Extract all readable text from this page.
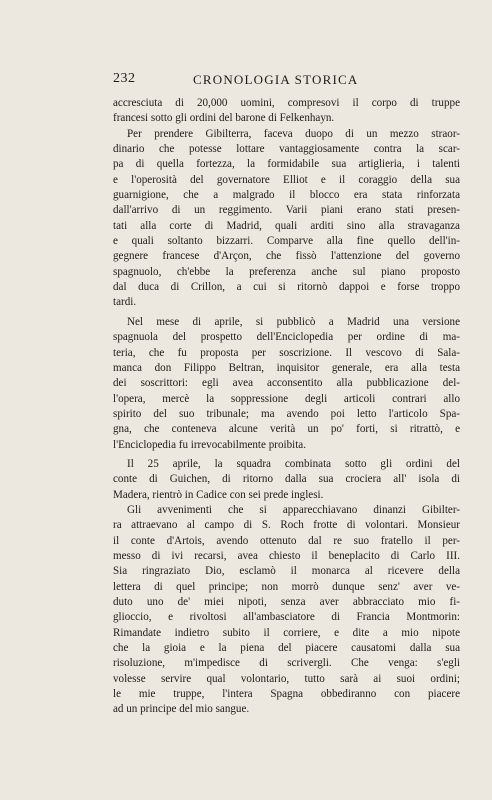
232	CRONOLOGIA STORICA
accresciuta di 20,000 uomini, compresovi il corpo di truppe
francesi sotto gli ordini del barone di Felkenhayn.
Per prendere Gibilterra, faceva duopo di un mezzo straor-
dinario che potesse lottare vantaggiosamente contra la scar-
pa di quella fortezza, la formidabile sua artiglieria, i talenti
e l'operosità del governatore Elliot e il coraggio della sua
guarnigione, che a malgrado il blocco era stata rinforzata
dall'arrivo di un reggimento. Varii piani erano stati presen-
tati alla corte di Madrid, quali arditi sino alla stravaganza
e quali soltanto bizzarri. Comparve alla fine quello dell'in-
gegnere francese d'Arçon, che fissò l'attenzione del governo
spagnuolo, ch'ebbe la preferenza anche sul piano proposto
dal duca di Crillon, a cui si ritornò dappoi e forse troppo
tardi.
Nel mese di aprile, si pubblicò a Madrid una versione
spagnuola del prospetto dell'Enciclopedia per ordine di ma-
teria, che fu proposta per soscrizione. Il vescovo di Sala-
manca don Filippo Beltran, inquisitor generale, era alla testa
dei soscrittori: egli avea acconsentito alla pubblicazione del-
l'opera, mercè la soppressione degli articoli contrari allo
spirito del suo tribunale; ma avendo poi letto l'articolo Spa-
gna, che conteneva alcune verità un po' forti, si ritrattò, e
l'Enciclopedia fu irrevocabilmente proibita.
Il 25 aprile, la squadra combinata sotto gli ordini del
conte di Guichen, di ritorno dalla sua crociera all' isola di
Madera, rientrò in Cadice con sei prede inglesi.
Gli avvenimenti che si apparecchiavano dinanzi Gibilter-
ra attraevano al campo di S. Roch frotte di volontari. Monsieur
il conte d'Artois, avendo ottenuto dal re suo fratello il per-
messo di ivi recarsi, avea chiesto il beneplacito di Carlo III.
Sia ringraziato Dio, esclamò il monarca al ricevere della
lettera di quel principe; non morrò dunque senz' aver ve-
duto uno de' miei nipoti, senza aver abbracciato mio fi-
glioccio, e rivoltosi all'ambasciatore di Francia Montmorin:
Rimandate indietro subito il corriere, e dite a mio nipote
che la gioia e la piena del piacere causatomi dalla sua
risoluzione, m'impedisce di scrivergli. Che venga: s'egli
volesse servire qual volontario, tutto sarà ai suoi ordini;
le mie truppe, l'intera Spagna obbediranno con piacere
ad un principe del mio sangue.
